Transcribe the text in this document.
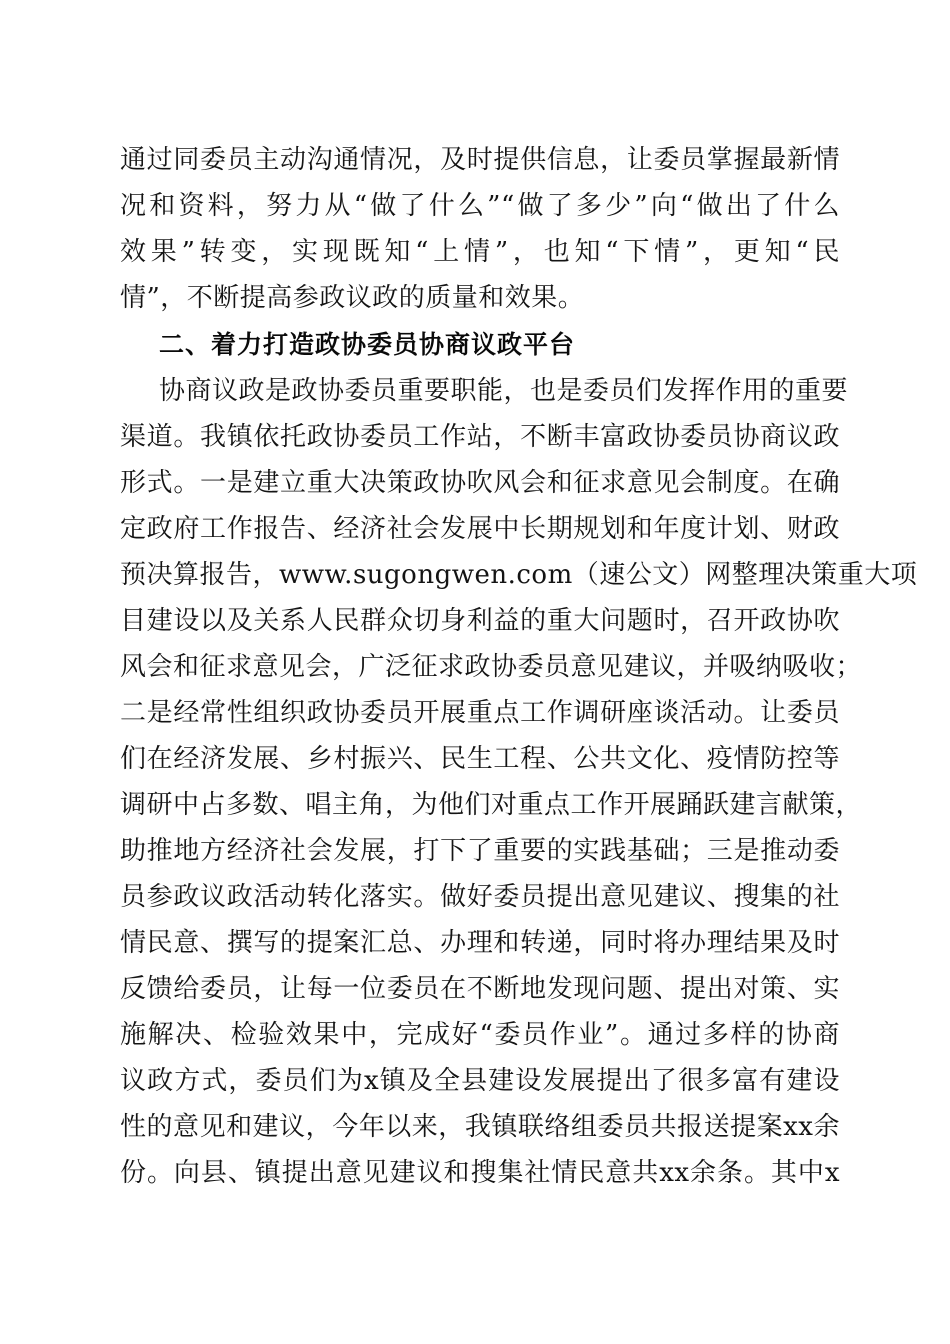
通过同委员主动沟通情况，及时提供信息，让委员掌握最新情
况和资料，努力从“做了什么”“做了多少”向“做出了什么
效果”转变，实现既知“上情”，也知“下情”，更知“民
情”，不断提高参政议政的质量和效果。
二、着力打造政协委员协商议政平台
协商议政是政协委员重要职能，也是委员们发挥作用的重要
渠道。我镇依托政协委员工作站，不断丰富政协委员协商议政
形式。一是建立重大决策政协吹风会和征求意见会制度。在确
定政府工作报告、经济社会发展中长期规划和年度计划、财政
预决算报告，www.sugongwen.com（速公文）网整理决策重大项
目建设以及关系人民群众切身利益的重大问题时，召开政协吹
风会和征求意见会，广泛征求政协委员意见建议，并吸纳吸收；
二是经常性组织政协委员开展重点工作调研座谈活动。让委员
们在经济发展、乡村振兴、民生工程、公共文化、疫情防控等
调研中占多数、唱主角，为他们对重点工作开展踊跃建言献策，
助推地方经济社会发展，打下了重要的实践基础；三是推动委
员参政议政活动转化落实。做好委员提出意见建议、搜集的社
情民意、撰写的提案汇总、办理和转递，同时将办理结果及时
反馈给委员，让每一位委员在不断地发现问题、提出对策、实
施解决、检验效果中，完成好“委员作业”。通过多样的协商
议政方式，委员们为x镇及全县建设发展提出了很多富有建设
性的意见和建议，今年以来，我镇联络组委员共报送提案xx余
份。向县、镇提出意见建议和搜集社情民意共xx余条。其中x
